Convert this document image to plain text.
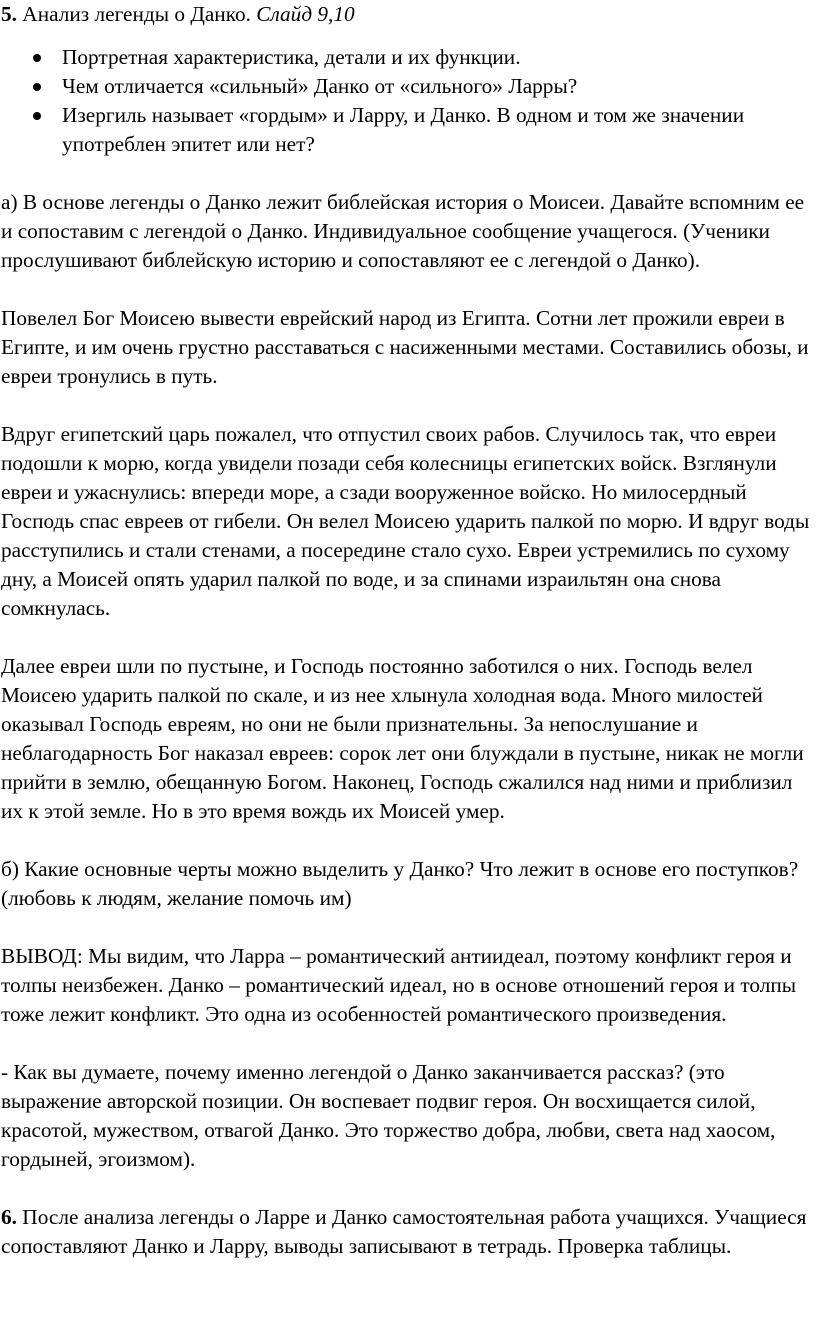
5. Анализ легенды о Данко. Слайд 9,10

Портретная характеристика, детали и их функции.
Чем отличается «сильный» Данко от «сильного» Ларры?
Изергиль называет «гордым» и Ларру, и Данко. В одном и том же значении употреблен эпитет или нет?

а) В основе легенды о Данко лежит библейская история о Моисеи. Давайте вспомним ее и сопоставим с легендой о Данко. Индивидуальное сообщение учащегося. (Ученики прослушивают библейскую историю и сопоставляют ее с легендой о Данко).

Повелел Бог Моисею вывести еврейский народ из Египта. Сотни лет прожили евреи в Египте, и им очень грустно расставаться с насиженными местами. Составились обозы, и евреи тронулись в путь.

Вдруг египетский царь пожалел, что отпустил своих рабов. Случилось так, что евреи подошли к морю, когда увидели позади себя колесницы египетских войск. Взглянули евреи и ужаснулись: впереди море, а сзади вооруженное войско. Но милосердный Господь спас евреев от гибели. Он велел Моисею ударить палкой по морю. И вдруг воды расступились и стали стенами, а посередине стало сухо. Евреи устремились по сухому дну, а Моисей опять ударил палкой по воде, и за спинами израильтян она снова сомкнулась.

Далее евреи шли по пустыне, и Господь постоянно заботился о них. Господь велел Моисею ударить палкой по скале, и из нее хлынула холодная вода. Много милостей оказывал Господь евреям, но они не были признательны. За непослушание и неблагодарность Бог наказал евреев: сорок лет они блуждали в пустыне, никак не могли прийти в землю, обещанную Богом. Наконец, Господь сжалился над ними и приблизил их к этой земле. Но в это время вождь их Моисей умер.

б) Какие основные черты можно выделить у Данко? Что лежит в основе его поступков? (любовь к людям, желание помочь им)

ВЫВОД: Мы видим, что Ларра – романтический антиидеал, поэтому конфликт героя и толпы неизбежен. Данко – романтический идеал, но в основе отношений героя и толпы тоже лежит конфликт. Это одна из особенностей романтического произведения.

- Как вы думаете, почему именно легендой о Данко заканчивается рассказ? (это выражение авторской позиции. Он воспевает подвиг героя. Он восхищается силой, красотой, мужеством, отвагой Данко. Это торжество добра, любви, света над хаосом, гордыней, эгоизмом).

6. После анализа легенды о Ларре и Данко самостоятельная работа учащихся. Учащиеся сопоставляют Данко и Ларру, выводы записывают в тетрадь. Проверка таблицы.
